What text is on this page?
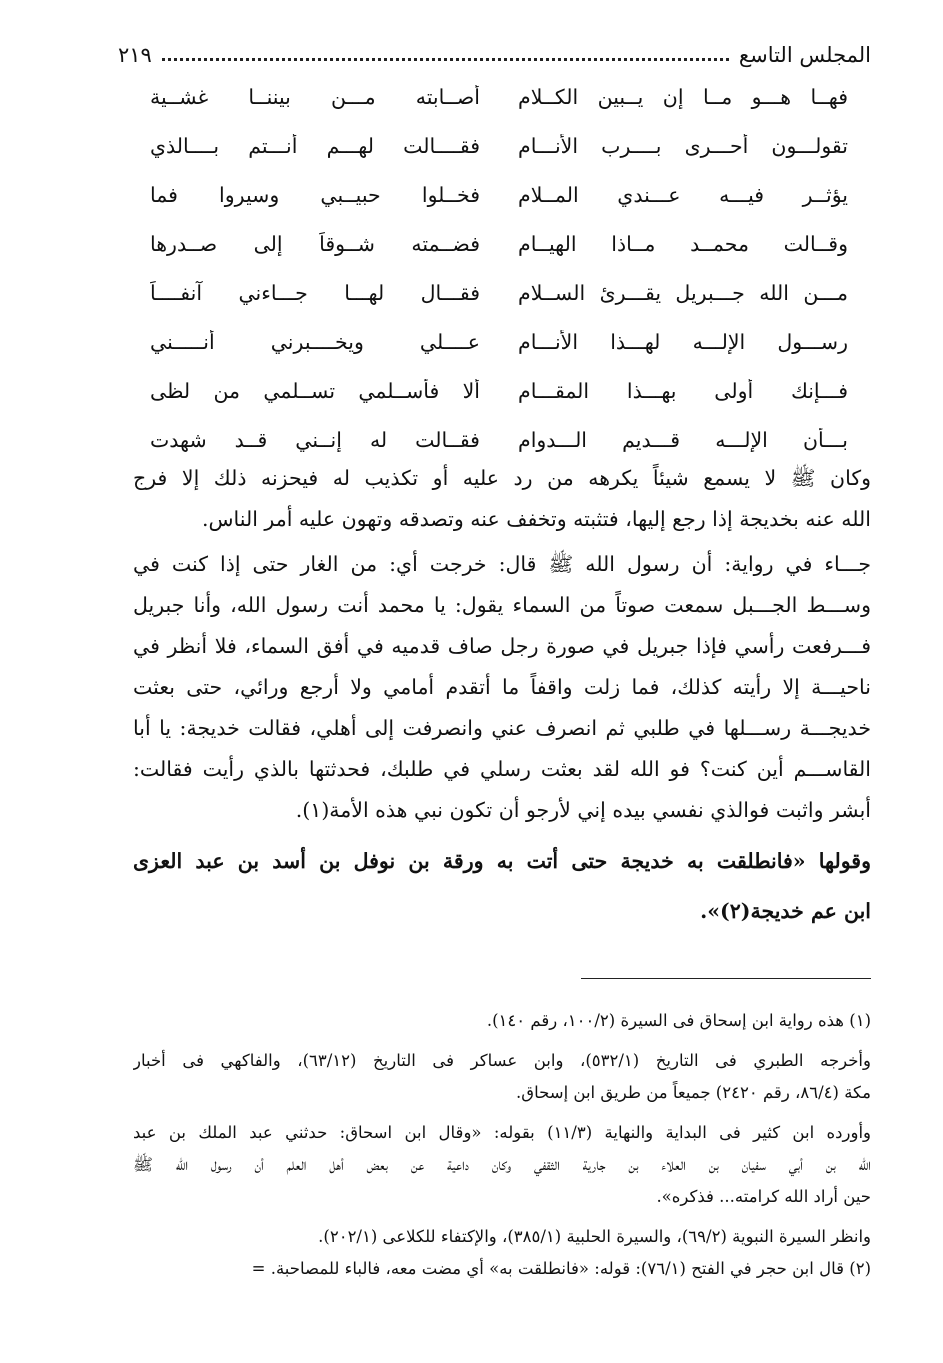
المجلس التاسع
٢١٩
أصــابته مـــن بيننــا غشــية فهــا هـــو مــا إن يــبين الكــلام
فقــــالت لهـــم أنـــتم بــــالذي تقولـــون أحـــرى بــــرب الأنـــام
فخــلوا حبيــبي وسيروا فما يؤثــر فيـــه عـــندي المــلام
فضــمته شــوقاً إلى صــدرها وقــالت محمــد مــاذا الهيــام
فقـــال لهـــا جـــاءني آنفــــاً مـــن الله جـــبريل يقـــرئ الســلام
عــــلي ويخــــبرني أنـــــني رســـول الإلـــه لهـــذا الأنـــام
ألا فأســلمي تســلمي من لظى فـــإنك أولى بهـــذا المقـــام
فقــالت له إنــني قــد شهدت بـــأن الإلـــه قـــديم الـــدوام
وكان ﷺ لا يسمع شيئاً يكرهه من رد عليه أو تكذيب له فيحزنه ذلك إلا فرج
الله عنه بخديجة إذا رجع إليها، فتثبته وتخفف عنه وتصدقه وتهون عليه أمر الناس.
جـــاء في رواية: أن رسول الله ﷺ قال: خرجت أي: من الغار حتى إذا كنت في
وســـط الجـــبل سمعت صوتاً من السماء يقول: يا محمد أنت رسول الله، وأنا جبريل
فـــرفعت رأسي فإذا جبريل في صورة رجل صاف قدميه في أفق السماء، فلا أنظر في
ناحيـــة إلا رأيته كذلك، فما زلت واقفاً ما أتقدم أمامي ولا أرجع ورائي، حتى بعثت
خديجـــة رســـلها في طلبي ثم انصرف عني وانصرفت إلى أهلي، فقالت خديجة: يا أبا
القاســـم أين كنت؟ فو الله لقد بعثت رسلي في طلبك، فحدثتها بالذي رأيت فقالت:
أبشر واثبت فوالذي نفسي بيده إني لأرجو أن تكون نبي هذه الأمة(١).
وقولها «فانطلقت به خديجة حتى أتت به ورقة بن نوفل بن أسد بن عبد العزى
ابن عم خديجة(٢)».
(١) هذه رواية ابن إسحاق فى السيرة (١٠٠/٢، رقم ١٤٠).
وأخرجه الطبري فى التاريخ (٥٣٢/١)، وابن عساكر فى التاريخ (٦٣/١٢)، والفاكهي فى أخبار
مكة (٨٦/٤، رقم ٢٤٢٠) جميعاً من طريق ابن إسحاق.
وأورده ابن كثير فى البداية والنهاية (١١/٣) بقوله: «وقال ابن اسحاق: حدثني عبد الملك بن عبد
الله بن أبي سفيان بن العلاء بن جارية الثقفي وكان داعية عن بعض أهل العلم أن رسول الله ﷺ
حين أراد الله كرامته... فذكره».
وانظر السيرة النبوية (٦٩/٢)، والسيرة الحلبية (٣٨٥/١)، والإكتفاء للكلاعى (٢٠٢/١).
(٢) قال ابن حجر في الفتح (٧٦/١): قوله: «فانطلقت به» أي مضت معه، فالباء للمصاحبة. =
